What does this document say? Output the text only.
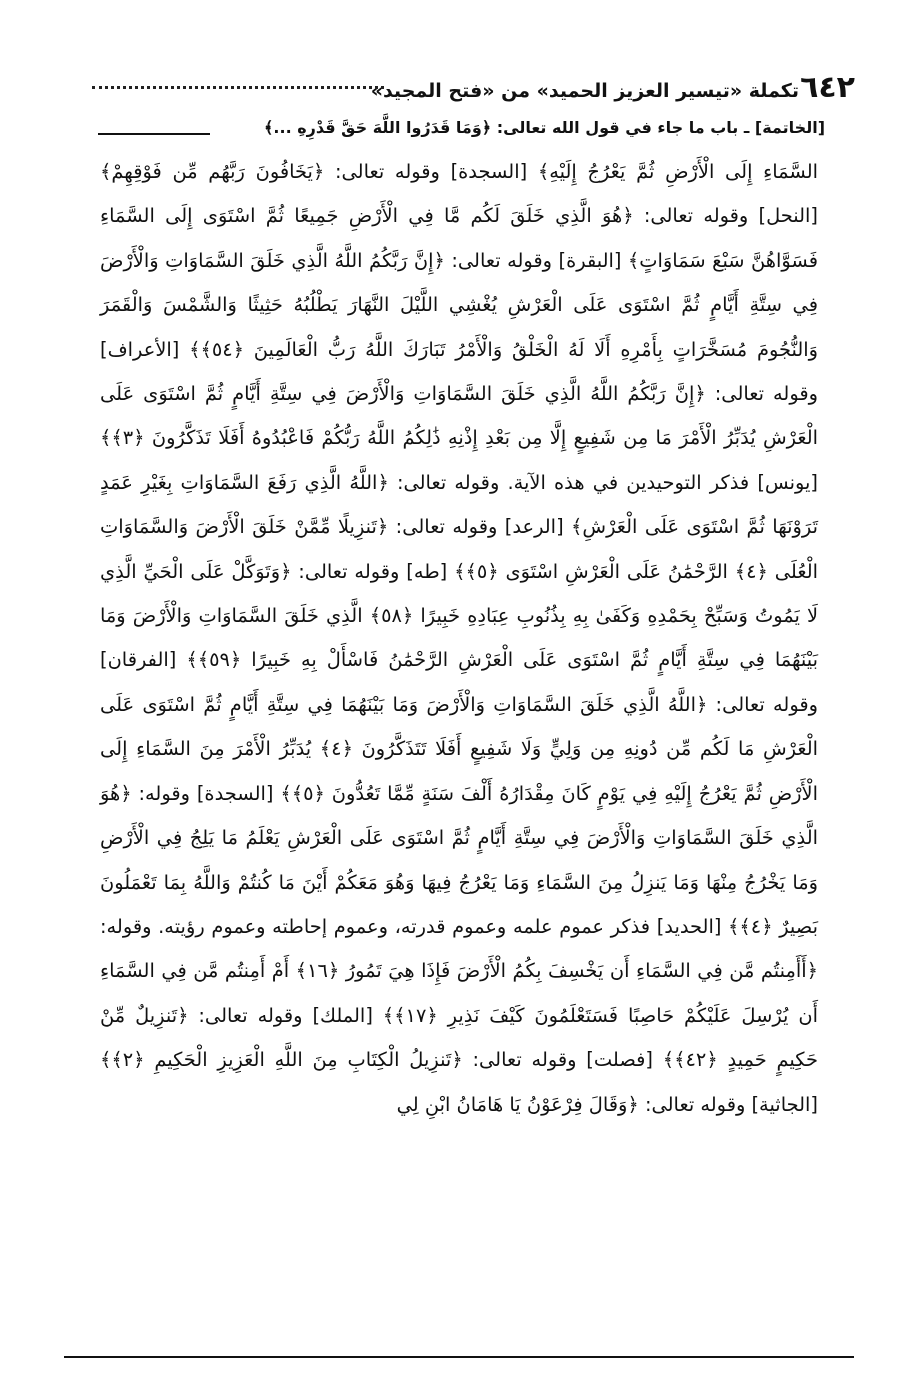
٦٤٢
تكملة «تيسير العزيز الحميد» من «فتح المجيد»
[الخاتمة] ـ باب ما جاء في قول الله تعالى: ﴿وَمَا قَدَرُوا اللَّهَ حَقَّ قَدْرِهِ ...﴾

السَّمَاءِ إِلَى الْأَرْضِ ثُمَّ يَعْرُجُ إِلَيْهِ﴾ [السجدة] وقوله تعالى: ﴿يَخَافُونَ رَبَّهُم مِّن فَوْقِهِمْ﴾ [النحل] وقوله تعالى: ﴿هُوَ الَّذِي خَلَقَ لَكُم مَّا فِي الْأَرْضِ جَمِيعًا ثُمَّ اسْتَوَى إِلَى السَّمَاءِ فَسَوَّاهُنَّ سَبْعَ سَمَاوَاتٍ﴾ [البقرة] وقوله تعالى: ﴿إِنَّ رَبَّكُمُ اللَّهُ الَّذِي خَلَقَ السَّمَاوَاتِ وَالْأَرْضَ فِي سِتَّةِ أَيَّامٍ ثُمَّ اسْتَوَى عَلَى الْعَرْشِ يُغْشِي اللَّيْلَ النَّهَارَ يَطْلُبُهُ حَثِيثًا وَالشَّمْسَ وَالْقَمَرَ وَالنُّجُومَ مُسَخَّرَاتٍ بِأَمْرِهِ أَلَا لَهُ الْخَلْقُ وَالْأَمْرُ تَبَارَكَ اللَّهُ رَبُّ الْعَالَمِينَ ﴿٥٤﴾﴾ [الأعراف] وقوله تعالى: ﴿إِنَّ رَبَّكُمُ اللَّهُ الَّذِي خَلَقَ السَّمَاوَاتِ وَالْأَرْضَ فِي سِتَّةِ أَيَّامٍ ثُمَّ اسْتَوَى عَلَى الْعَرْشِ يُدَبِّرُ الْأَمْرَ مَا مِن شَفِيعٍ إِلَّا مِن بَعْدِ إِذْنِهِ ذَٰلِكُمُ اللَّهُ رَبُّكُمْ فَاعْبُدُوهُ أَفَلَا تَذَكَّرُونَ ﴿٣﴾﴾ [يونس] فذكر التوحيدين في هذه الآية. وقوله تعالى: ﴿اللَّهُ الَّذِي رَفَعَ السَّمَاوَاتِ بِغَيْرِ عَمَدٍ تَرَوْنَهَا ثُمَّ اسْتَوَى عَلَى الْعَرْشِ﴾ [الرعد] وقوله تعالى: ﴿تَنزِيلًا مِّمَّنْ خَلَقَ الْأَرْضَ وَالسَّمَاوَاتِ الْعُلَى ﴿٤﴾ الرَّحْمَٰنُ عَلَى الْعَرْشِ اسْتَوَى ﴿٥﴾﴾ [طه] وقوله تعالى: ﴿وَتَوَكَّلْ عَلَى الْحَيِّ الَّذِي لَا يَمُوتُ وَسَبِّحْ بِحَمْدِهِ وَكَفَىٰ بِهِ بِذُنُوبِ عِبَادِهِ خَبِيرًا ﴿٥٨﴾ الَّذِي خَلَقَ السَّمَاوَاتِ وَالْأَرْضَ وَمَا بَيْنَهُمَا فِي سِتَّةِ أَيَّامٍ ثُمَّ اسْتَوَى عَلَى الْعَرْشِ الرَّحْمَٰنُ فَاسْأَلْ بِهِ خَبِيرًا ﴿٥٩﴾﴾ [الفرقان] وقوله تعالى: ﴿اللَّهُ الَّذِي خَلَقَ السَّمَاوَاتِ وَالْأَرْضَ وَمَا بَيْنَهُمَا فِي سِتَّةِ أَيَّامٍ ثُمَّ اسْتَوَى عَلَى الْعَرْشِ مَا لَكُم مِّن دُونِهِ مِن وَلِيٍّ وَلَا شَفِيعٍ أَفَلَا تَتَذَكَّرُونَ ﴿٤﴾ يُدَبِّرُ الْأَمْرَ مِنَ السَّمَاءِ إِلَى الْأَرْضِ ثُمَّ يَعْرُجُ إِلَيْهِ فِي يَوْمٍ كَانَ مِقْدَارُهُ أَلْفَ سَنَةٍ مِّمَّا تَعُدُّونَ ﴿٥﴾﴾ [السجدة] وقوله: ﴿هُوَ الَّذِي خَلَقَ السَّمَاوَاتِ وَالْأَرْضَ فِي سِتَّةِ أَيَّامٍ ثُمَّ اسْتَوَى عَلَى الْعَرْشِ يَعْلَمُ مَا يَلِجُ فِي الْأَرْضِ وَمَا يَخْرُجُ مِنْهَا وَمَا يَنزِلُ مِنَ السَّمَاءِ وَمَا يَعْرُجُ فِيهَا وَهُوَ مَعَكُمْ أَيْنَ مَا كُنتُمْ وَاللَّهُ بِمَا تَعْمَلُونَ بَصِيرٌ ﴿٤﴾﴾ [الحديد] فذكر عموم علمه وعموم قدرته، وعموم إحاطته وعموم رؤيته. وقوله: ﴿أَأَمِنتُم مَّن فِي السَّمَاءِ أَن يَخْسِفَ بِكُمُ الْأَرْضَ فَإِذَا هِيَ تَمُورُ ﴿١٦﴾ أَمْ أَمِنتُم مَّن فِي السَّمَاءِ أَن يُرْسِلَ عَلَيْكُمْ حَاصِبًا فَسَتَعْلَمُونَ كَيْفَ نَذِيرِ ﴿١٧﴾﴾ [الملك] وقوله تعالى: ﴿تَنزِيلٌ مِّنْ حَكِيمٍ حَمِيدٍ ﴿٤٢﴾﴾ [فصلت] وقوله تعالى: ﴿تَنزِيلُ الْكِتَابِ مِنَ اللَّهِ الْعَزِيزِ الْحَكِيمِ ﴿٢﴾﴾ [الجاثية] وقوله تعالى: ﴿وَقَالَ فِرْعَوْنُ يَا هَامَانُ ابْنِ لِي
